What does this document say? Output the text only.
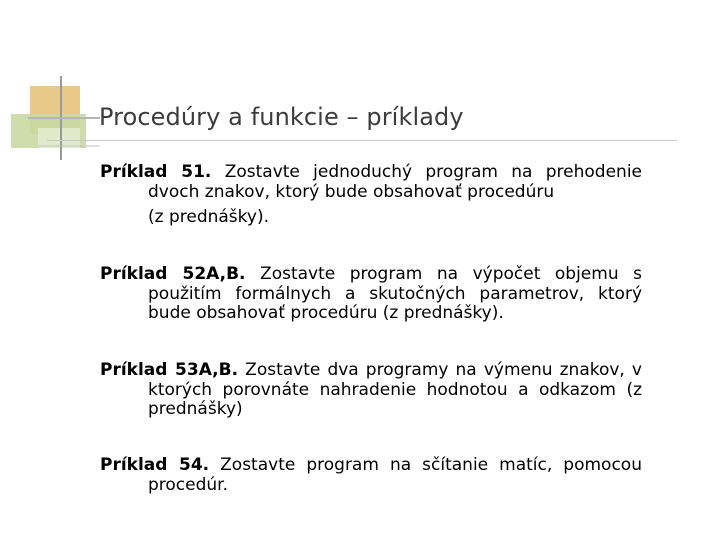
Procedúry a funkcie – príklady
Príklad 51. Zostavte jednoduchý program na prehodenie
dvoch znakov, ktorý bude obsahovať procedúru
(z prednášky).
Príklad 52A,B. Zostavte program na výpočet objemu s
použitím formálnych a skutočných parametrov, ktorý
bude obsahovať procedúru (z prednášky).
Príklad 53A,B. Zostavte dva programy na výmenu znakov, v
ktorých porovnáte nahradenie hodnotou a odkazom (z
prednášky)
Príklad 54. Zostavte program na sčítanie matíc, pomocou
procedúr.
